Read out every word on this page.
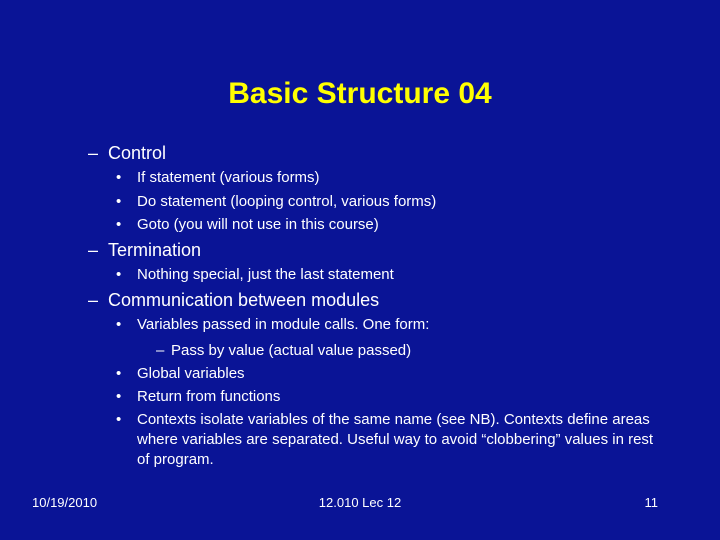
Basic Structure 04
– Control
• If statement (various forms)
• Do statement (looping control, various forms)
• Goto (you will not use in this course)
– Termination
• Nothing special, just the last statement
– Communication between modules
• Variables passed in module calls. One form:
– Pass by value (actual value passed)
• Global variables
• Return from functions
• Contexts isolate variables of the same name (see NB). Contexts define areas where variables are separated. Useful way to avoid “clobbering” values in rest of program.
10/19/2010	12.010 Lec 12	11
